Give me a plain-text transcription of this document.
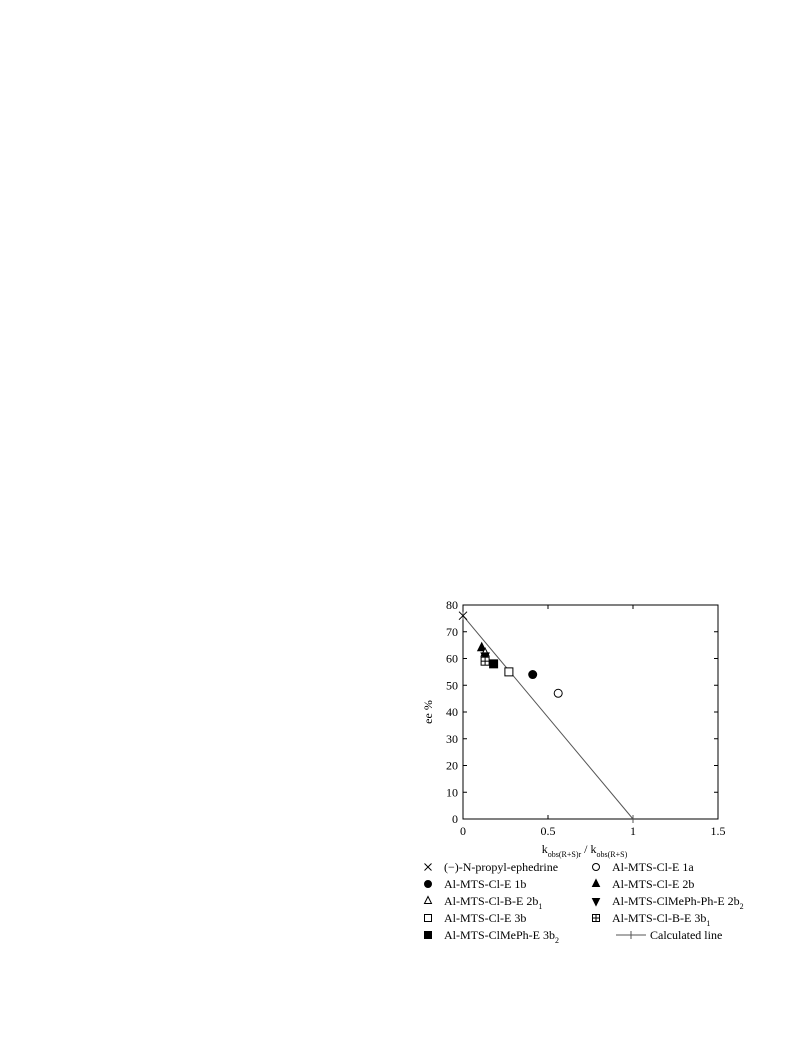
0
10
20
30
40
50
60
70
80
0	0.5	1	1.5
ee %
$k_{obs(R+S)r} / k_{obs(R+S)}$
(−)-N-propyl-ephedrine	Al-MTS-Cl-E 1a
Al-MTS-Cl-E 1b	Al-MTS-Cl-E 2b
Al-MTS-Cl-B-E $2b_1$	Al-MTS-ClMePh-Ph-E $2b_2$
Al-MTS-Cl-E 3b	Al-MTS-Cl-B-E $3b_1$
Al-MTS-ClMePh-E $3b_2$	Calculated line
